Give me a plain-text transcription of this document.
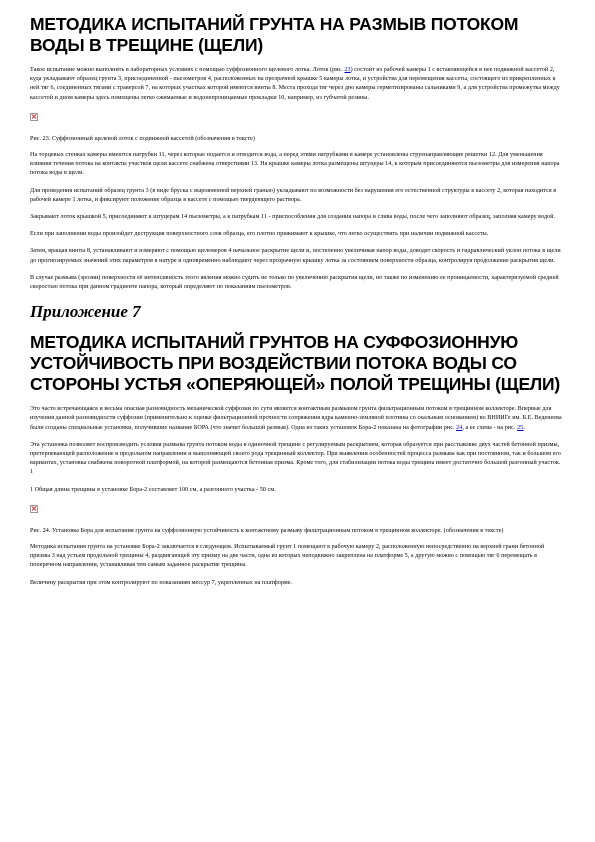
МЕТОДИКА ИСПЫТАНИЙ ГРУНТА НА РАЗМЫВ ПОТОКОМ ВОДЫ В ТРЕЩИНЕ (ЩЕЛИ)

Такое испытание можно выполнить в лабораторных условиях с помощью суффозионного щелевого лотка. Лоток (рис. 23) состоит из рабочей камеры 1 с вставляющейся в нее подвижной кассетой 2, куда укладывают образец грунта 3, присоединенной - пьезометров 4, расположенных на прозрачной крышке 5 камеры лотка, и устройства для перемещения кассеты, состоящего из прикрепленных к ней тяг 6, соединенных тягами с траверсой 7, на которых участках которой имеются винты 8. Места прохода тяг через дно камеры герметизированы сальниками 9, а для устройства промежутка между кассетой и дном камеры здесь помещены легко сжимаемые и водонепроницаемые прокладки 10, например, из губчатой резины.

Рис. 23. Суффозионный щелевой лоток с подвижной кассетой (обозначения в тексте)

На торцевых стенках камеры имеются патрубки 11, через которые подается и отводится вода, а перед этими патрубками в камере установлены струенаправляющие решетки 12. Для уменьшения влияния течения потока на контакты участков щели кассете снабжена отверстиями 13. На крышке камеры лотка размещены штуцеры 14, к которым присоединяются пьезометры для измерения напора потока воды в щели.

Для проведения испытаний образец грунта 3 (в виде бруска с выровненной верхней гранью) укладывают по возможности без нарушения его естественной структуры в кассету 2, которая находится в рабочей камере 1 лотка, и фиксируют положение образца в кассете с помощью твердеющего раствора.

Закрывают лоток крышкой 5, присоединяют к штуцерам 14 пьезометры, а к патрубкам 11 - приспособления для создания напора и слива воды, после чего заполняют образец, заполняя камеру водой.

Если при заполнении воды произойдет деструкция поверхностного слоя образца, его плотно прижимают к крышке, что легко осуществить при наличии подвижной кассеты.

Затем, вращая винты 8, устанавливают и измеряют с помощью щелемеров 4 начальное раскрытие щели и, постепенно увеличивая напор воды, доводят скорость и гидравлический уклон потока в щели до прогнозируемых значений этих параметров в натуре и одновременно наблюдают через прозрачную крышку лотка за состоянием поверхности образца, контролируя продолжение раскрытия щели.

В случае размыва (эрозии) поверхности её интенсивность этого явления можно судить не только по увеличению раскрытия щели, но также по изменению ее проницаемости, характеризуемой средней скоростью потока при данном градиенте напора, который определяют по показаниям пьезометров.

Приложение 7
МЕТОДИКА ИСПЫТАНИЙ ГРУНТОВ НА СУФФОЗИОННУЮ УСТОЙЧИВОСТЬ ПРИ ВОЗДЕЙСТВИИ ПОТОКА ВОДЫ СО СТОРОНЫ УСТЬЯ «ОПЕРЯЮЩЕЙ» ПОЛОЙ ТРЕЩИНЫ (ЩЕЛИ)

Это часто встречающаяся и весьма опасная разновидность механической суффозии по сути является контактным размывом грунта фильтрационным потоком в трещинном коллекторе. Впервые для изучения данной разновидности суффозии (применительно к оценке фильтрационной прочности сопряжения ядра каменно-земляной плотины со скальным основанием) во ВНИИГе им. Б.Е. Веденеева были созданы специальные установки, получившие название БОРА (что значит большой размыв). Одна из таких установок Бора-2 показана на фотографии рис. 24, а ее схема - на рис. 25.

Эта установка позволяет воспроизводить условия размыва грунта потоком воды в одиночной трещине с регулируемым раскрытием, которая образуется при расстыковке двух частей бетонной призмы, претерпевающей расположение в продольном направлении и выполняющей своего рода трещинный коллектор. При выявлении особенностей процесса размыва как при постоянном, так и большом его вариантах, установка снабжена поворотной платформой, на которой размещаются бетонная призма. Кроме того, для стабилизации потока воды трещина имеет достаточно большой разгонный участок. 1

1 Общая длина трещины в установке Бора-2 составляет 100 см, а разгонного участка - 50 см.

Рис. 24. Установка Бора для испытания грунта на суффозионную устойчивость к контактному размыву фильтрационным потоком в трещинном коллекторе. (обозначения в тексте)

Методика испытания грунта на установке Бора-2 заключается в следующем. Испытываемый грунт 1 помещают в рабочую камеру 2, расположенную непосредственно на верхней грани бетонной призмы 3 над устьем продольной трещины 4, раздвигающей эту призму на две части, одна из которых неподвижно закреплена на платформе 5, а другую можно с помощью тяг 6 перемещать в поперечном направлении, устанавливая тем самым заданное раскрытие трещины.

Величину раскрытия при этом контролируют по показаниям мессур 7, укрепленных на платформе.
